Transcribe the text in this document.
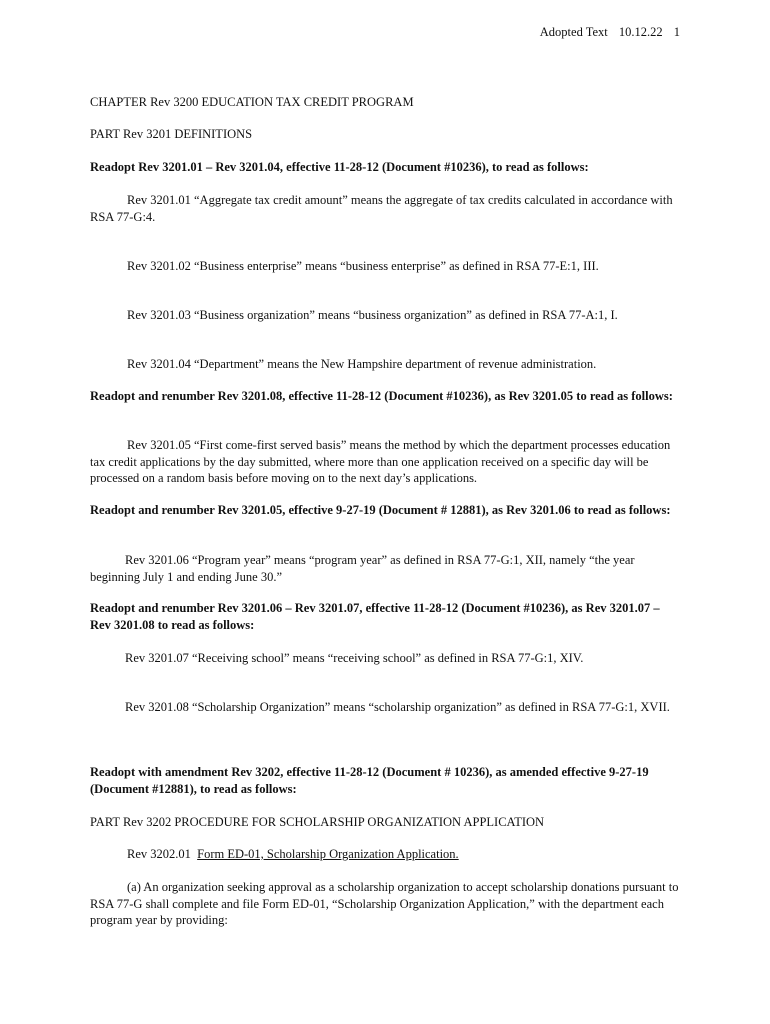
Adopted Text 10.12.22 1

CHAPTER Rev 3200 EDUCATION TAX CREDIT PROGRAM

PART Rev 3201 DEFINITIONS

Readopt Rev 3201.01 – Rev 3201.04, effective 11-28-12 (Document #10236), to read as follows:

Rev 3201.01 “Aggregate tax credit amount” means the aggregate of tax credits calculated in accordance with RSA 77-G:4.

Rev 3201.02 “Business enterprise” means “business enterprise” as defined in RSA 77-E:1, III.

Rev 3201.03 “Business organization” means “business organization” as defined in RSA 77-A:1, I.

Rev 3201.04 “Department” means the New Hampshire department of revenue administration.

Readopt and renumber Rev 3201.08, effective 11-28-12 (Document #10236), as Rev 3201.05 to read as follows:

Rev 3201.05 “First come-first served basis” means the method by which the department processes education tax credit applications by the day submitted, where more than one application received on a specific day will be processed on a random basis before moving on to the next day’s applications.

Readopt and renumber Rev 3201.05, effective 9-27-19 (Document # 12881), as Rev 3201.06 to read as follows:

Rev 3201.06 “Program year” means “program year” as defined in RSA 77-G:1, XII, namely “the year beginning July 1 and ending June 30.”

Readopt and renumber Rev 3201.06 – Rev 3201.07, effective 11-28-12 (Document #10236), as Rev 3201.07 – Rev 3201.08 to read as follows:

Rev 3201.07 “Receiving school” means “receiving school” as defined in RSA 77-G:1, XIV.

Rev 3201.08 “Scholarship Organization” means “scholarship organization” as defined in RSA 77-G:1, XVII.

Readopt with amendment Rev 3202, effective 11-28-12 (Document # 10236), as amended effective 9-27-19 (Document #12881), to read as follows:

PART Rev 3202 PROCEDURE FOR SCHOLARSHIP ORGANIZATION APPLICATION

Rev 3202.01 Form ED-01, Scholarship Organization Application.

(a) An organization seeking approval as a scholarship organization to accept scholarship donations pursuant to RSA 77-G shall complete and file Form ED-01, “Scholarship Organization Application,” with the department each program year by providing:
